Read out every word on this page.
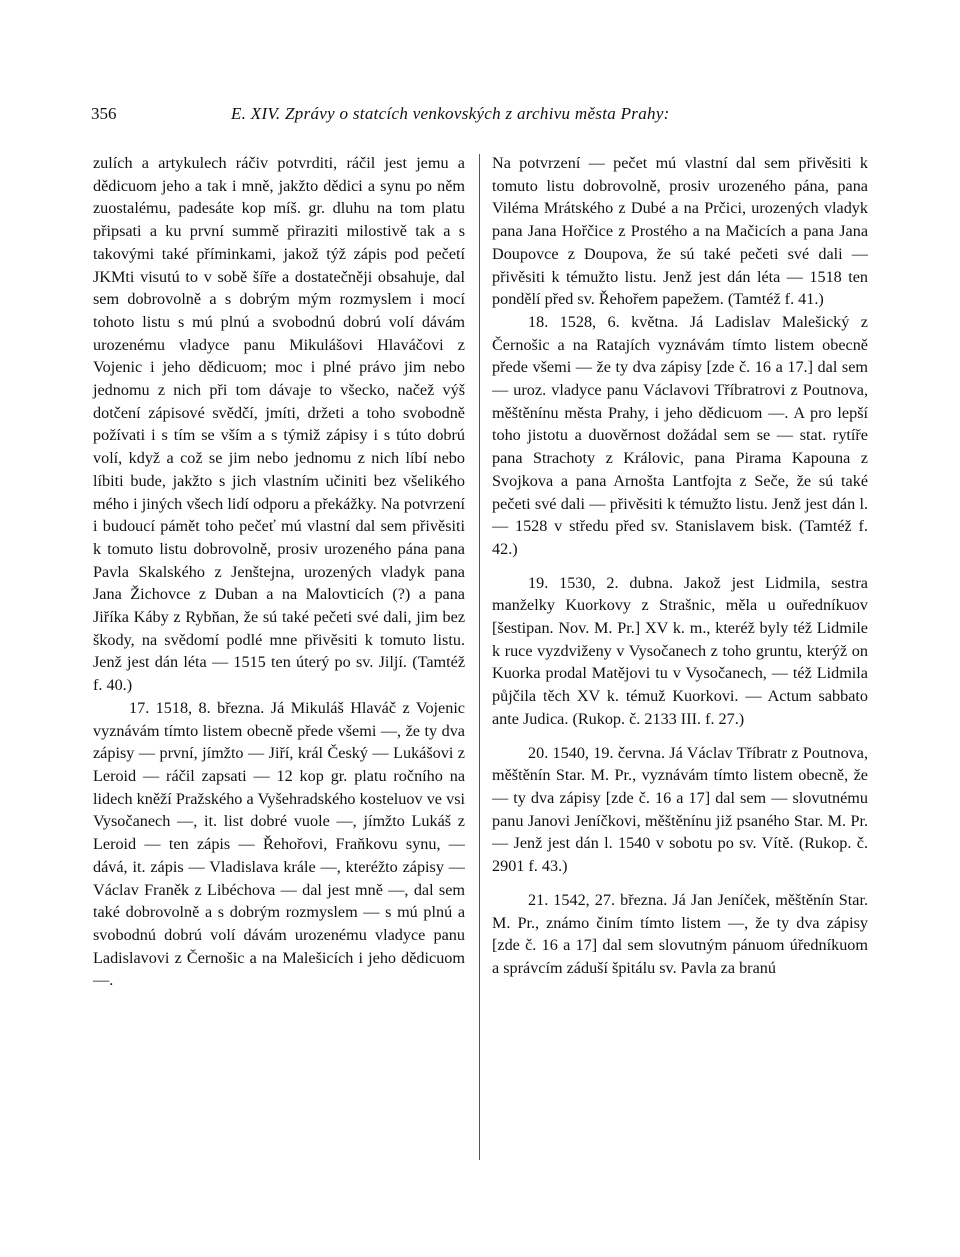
356	E. XIV. Zprávy o statcích venkovských z archivu města Prahy:

zulích a artykulech ráčiv potvrditi, ráčil jest jemu a dědicuom jeho a tak i mně, jakžto dědici a synu po něm zuostalému, padesáte kop míš. gr. dluhu na tom platu připsati a ku první summě přiraziti milostivě tak a s takovými také příminkami, jakož týž zápis pod pečetí JKMti visutú to v sobě šíře a dostatečněji obsahuje, dal sem dobrovolně a s dobrým mým rozmyslem i mocí tohoto listu s mú plnú a svobodnú dobrú volí dávám urozenému vladyce panu Mikulášovi Hlaváčovi z Vojenic i jeho dědicuom; moc i plné právo jim nebo jednomu z nich při tom dávaje to všecko, načež výš dotčení zápisové svědčí, jmíti, držeti a toho svobodně požívati i s tím se vším a s týmiž zápisy i s túto dobrú volí, když a což se jim nebo jednomu z nich líbí nebo líbiti bude, jakžto s jich vlastním učiniti bez všelikého mého i jiných všech lidí odporu a překážky. Na potvrzení i budoucí pámět toho pečeť mú vlastní dal sem přivěsiti k tomuto listu dobrovolně, prosiv urozeného pána pana Pavla Skalského z Jenštejna, urozených vladyk pana Jana Žichovce z Duban a na Malovticích (?) a pana Jiříka Káby z Rybňan, že sú také pečeti své dali, jim bez škody, na svědomí podlé mne přivěsiti k tomuto listu. Jenž jest dán léta — 1515 ten úterý po sv. Jiljí. (Tamtéž f. 40.)

17. 1518, 8. března. Já Mikuláš Hlaváč z Vojenic vyznávám tímto listem obecně přede všemi —, že ty dva zápisy — první, jímžto — Jiří, král Český — Lukášovi z Leroid — ráčil zapsati — 12 kop gr. platu ročního na lidech kněží Pražského a Vyšehradského kosteluov ve vsi Vysočanech —, it. list dobré vuole —, jímžto Lukáš z Leroid — ten zápis — Řehořovi, Fraňkovu synu, — dává, it. zápis — Vladislava krále —, kteréžto zápisy — Václav Franěk z Libéchova — dal jest mně —, dal sem také dobrovolně a s dobrým rozmyslem — s mú plnú a svobodnú dobrú volí dávám urozenému vladyce panu Ladislavovi z Černošic a na Malešicích i jeho dědicuom —.

Na potvrzení — pečet mú vlastní dal sem přivěsiti k tomuto listu dobrovolně, prosiv urozeného pána, pana Viléma Mrátského z Dubé a na Prčici, urozených vladyk pana Jana Hořčice z Prostého a na Mačicích a pana Jana Doupovce z Doupova, že sú také pečeti své dali — přivěsiti k témužto listu. Jenž jest dán léta — 1518 ten pondělí před sv. Řehořem papežem. (Tamtéž f. 41.)

18. 1528, 6. května. Já Ladislav Malešický z Černošic a na Ratajích vyznávám tímto listem obecně přede všemi — že ty dva zápisy [zde č. 16 a 17.] dal sem — uroz. vladyce panu Václavovi Tříbratrovi z Poutnova, měštěnínu města Prahy, i jeho dědicuom —. A pro lepší toho jistotu a duověrnost dožádal sem se — stat. rytíře pana Strachoty z Královic, pana Pirama Kapouna z Svojkova a pana Arnošta Lantfojta z Seče, že sú také pečeti své dali — přivěsiti k témužto listu. Jenž jest dán l. — 1528 v středu před sv. Stanislavem bisk. (Tamtéž f. 42.)

19. 1530, 2. dubna. Jakož jest Lidmila, sestra manželky Kuorkovy z Strašnic, měla u ouředníkuov [šestipan. Nov. M. Pr.] XV k. m., kteréž byly též Lidmile k ruce vyzdviženy v Vysočanech z toho gruntu, kterýž on Kuorka prodal Matějovi tu v Vysočanech, — též Lidmila půjčila těch XV k. témuž Kuorkovi. — Actum sabbato ante Judica. (Rukop. č. 2133 III. f. 27.)

20. 1540, 19. června. Já Václav Tříbratr z Poutnova, měštěnín Star. M. Pr., vyznávám tímto listem obecně, že — ty dva zápisy [zde č. 16 a 17] dal sem — slovutnému panu Janovi Jeníčkovi, měštěnínu již psaného Star. M. Pr. — Jenž jest dán l. 1540 v sobotu po sv. Vítě. (Rukop. č. 2901 f. 43.)

21. 1542, 27. března. Já Jan Jeníček, měštěnín Star. M. Pr., známo činím tímto listem —, že ty dva zápisy [zde č. 16 a 17] dal sem slovutným pánuom úředníkuom a správcím záduší špitálu sv. Pavla za branú
